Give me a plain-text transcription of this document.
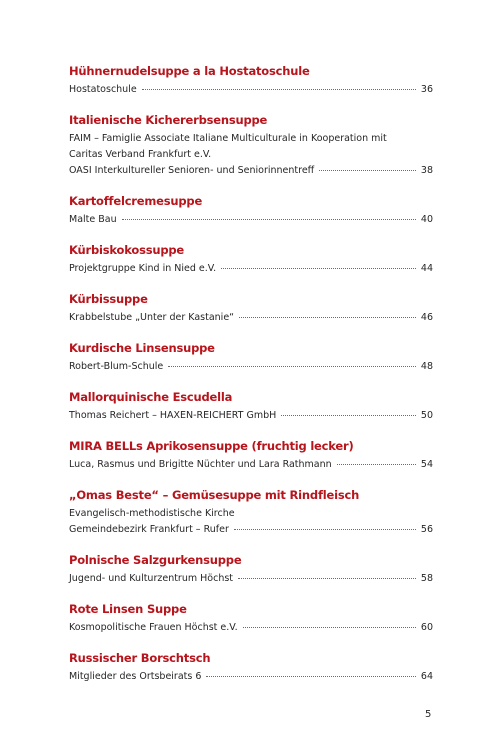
Hühnernudelsuppe a la Hostatoschule
Hostatoschule	36
Italienische Kichererbsensuppe
FAIM – Famiglie Associate Italiane Multiculturale in Kooperation mit
Caritas Verband Frankfurt e.V.
OASI Interkultureller Senioren- und Seniorinnentreff	38
Kartoffelcremesuppe
Malte Bau	40
Kürbiskokossuppe
Projektgruppe Kind in Nied e.V.	44
Kürbissuppe
Krabbelstube „Unter der Kastanie“	46
Kurdische Linsensuppe
Robert-Blum-Schule	48
Mallorquinische Escudella
Thomas Reichert – HAXEN-REICHERT GmbH	50
MIRA BELLs Aprikosensuppe (fruchtig lecker)
Luca, Rasmus und Brigitte Nüchter und Lara Rathmann	54
„Omas Beste“ – Gemüsesuppe mit Rindfleisch
Evangelisch-methodistische Kirche
Gemeindebezirk Frankfurt – Rufer	56
Polnische Salzgurkensuppe
Jugend- und Kulturzentrum Höchst	58
Rote Linsen Suppe
Kosmopolitische Frauen Höchst e.V.	60
Russischer Borschtsch
Mitglieder des Ortsbeirats 6	64
5
